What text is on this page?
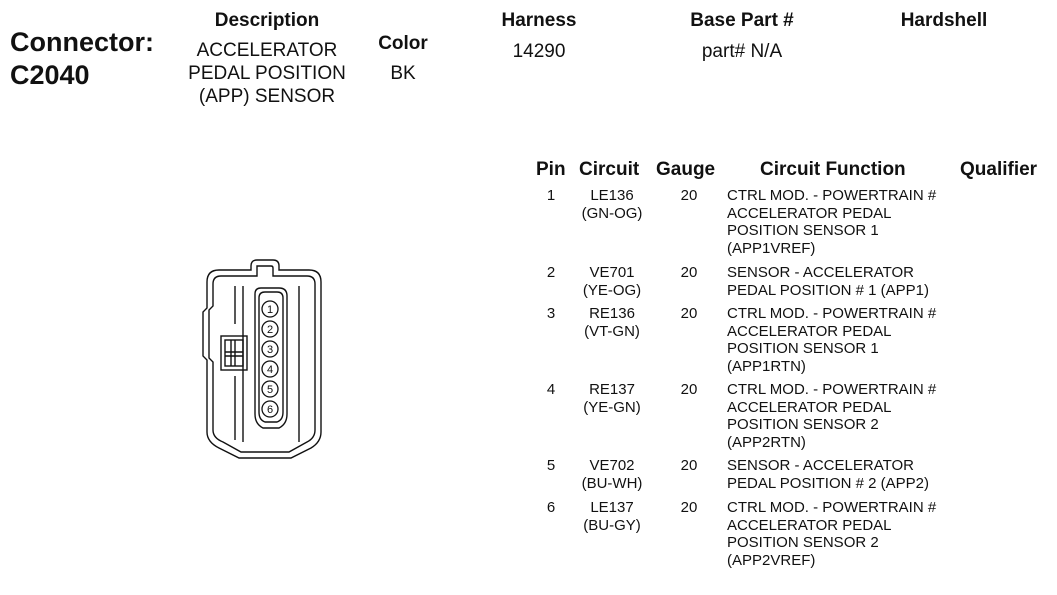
Connector:
C2040
Description
ACCELERATOR
PEDAL POSITION
(APP) SENSOR
Color
BK
Harness
14290
Base Part #
part# N/A
Hardshell
1
2
3
4
5
6
Pin Circuit Gauge Circuit Function	Qualifier
1	LE136
(GN-OG)
20	CTRL MOD. - POWERTRAIN #
ACCELERATOR PEDAL
POSITION SENSOR 1
(APP1VREF)
2	VE701
(YE-OG)
20	SENSOR - ACCELERATOR
PEDAL POSITION # 1 (APP1)
3	RE136
(VT-GN)
20	CTRL MOD. - POWERTRAIN #
ACCELERATOR PEDAL
POSITION SENSOR 1
(APP1RTN)
4	RE137
(YE-GN)
20	CTRL MOD. - POWERTRAIN #
ACCELERATOR PEDAL
POSITION SENSOR 2
(APP2RTN)
5	VE702
(BU-WH)
20	SENSOR - ACCELERATOR
PEDAL POSITION # 2 (APP2)
6	LE137
(BU-GY)
20	CTRL MOD. - POWERTRAIN #
ACCELERATOR PEDAL
POSITION SENSOR 2
(APP2VREF)
